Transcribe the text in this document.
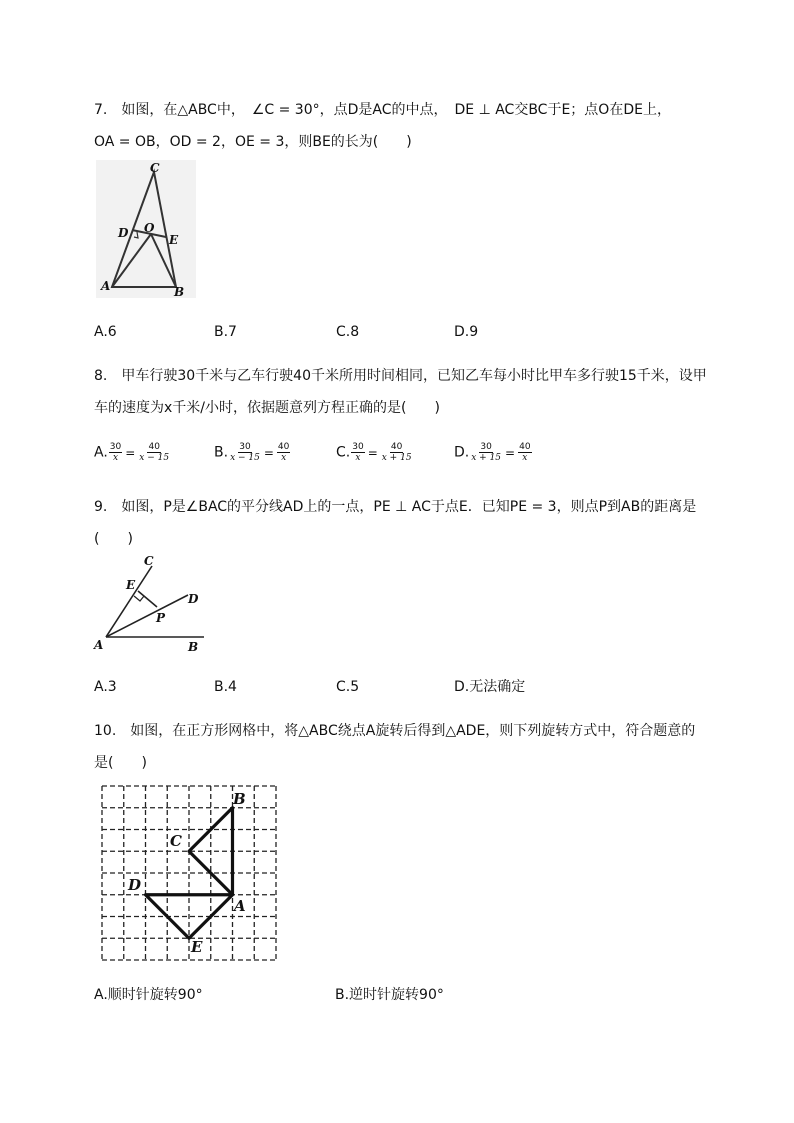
7.　如图，在△ABC中，　∠C = 30°，点D是AC的中点，　DE ⊥ AC交BC于E；点O在DE上，
OA = OB，OD = 2，OE = 3，则BE的长为(　　)
C
D O
E
A	B
A.6	B.7	C.8	D.9
8.　甲车行驶30千米与乙车行驶40千米所用时间相同，已知乙车每小时比甲车多行驶15千米，设甲
车的速度为x千米/小时，依据题意列方程正确的是(　　)
A. $\frac{30}{x} = \frac{40}{x - 15}$	B. $\frac{30}{x - 15} = \frac{40}{x}$	C. $\frac{30}{x} = \frac{40}{x + 15}$	D. $\frac{30}{x + 15} = \frac{40}{x}$
9.　如图，P是∠BAC的平分线AD上的一点，PE ⊥ AC于点E．已知PE = 3，则点P到AB的距离是
(　　)
C
E
D
P
A	B
A.3	B.4	C.5	D.无法确定
10.　如图，在正方形网格中，将△ABC绕点A旋转后得到△ADE，则下列旋转方式中，符合题意的
是(　　)
B
C
D
A
E
A.顺时针旋转90°	B.逆时针旋转90°
